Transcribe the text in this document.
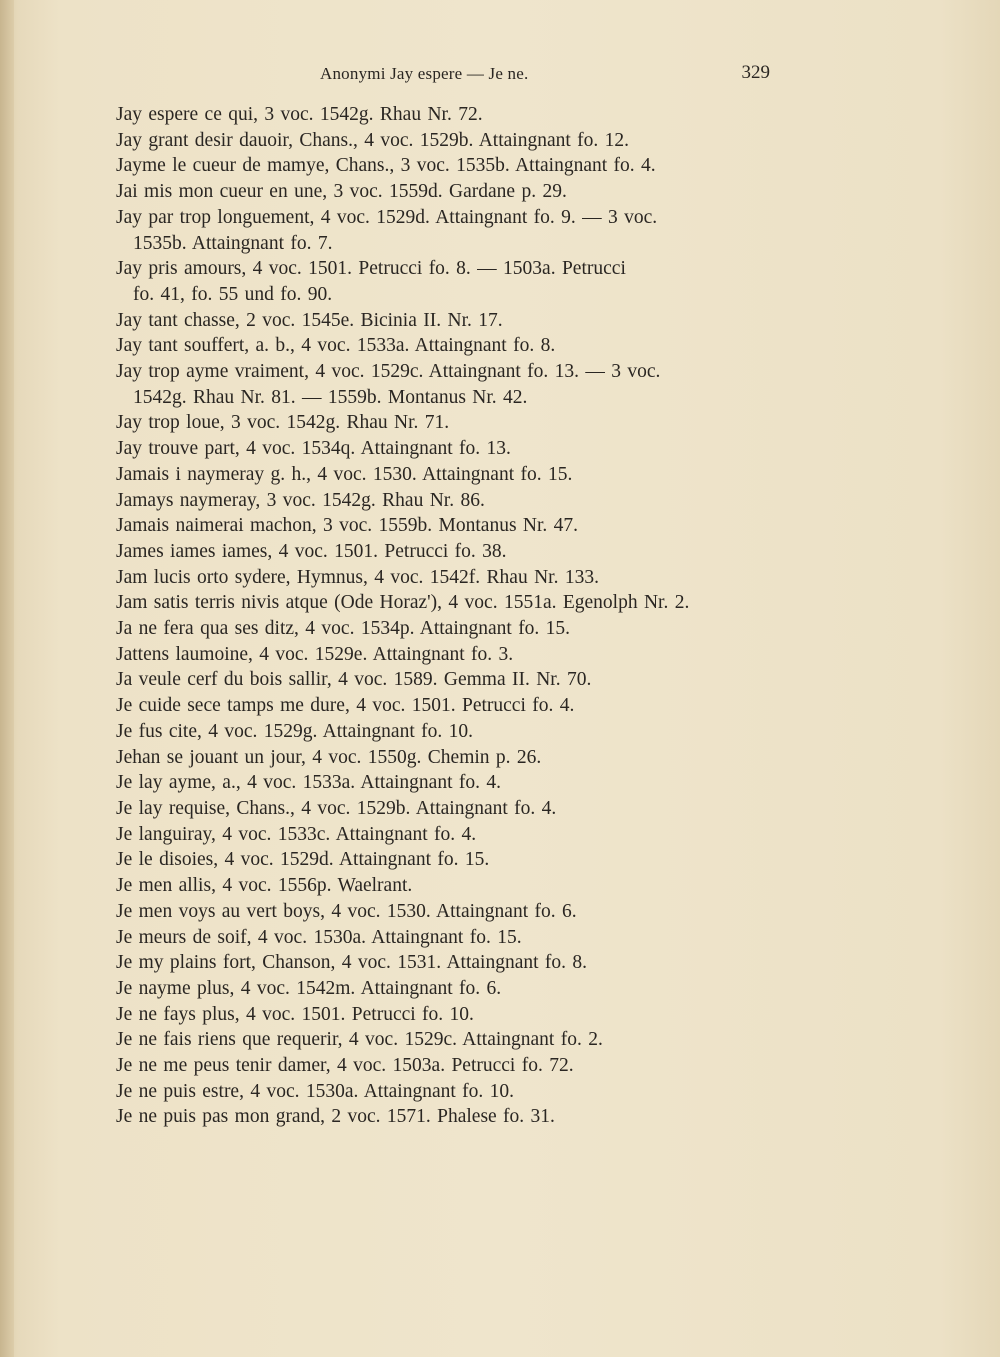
Anonymi Jay espere — Je ne.	329
Jay espere ce qui, 3 voc. 1542g. Rhau Nr. 72.
Jay grant desir dauoir, Chans., 4 voc. 1529b. Attaingnant fo. 12.
Jayme le cueur de mamye, Chans., 3 voc. 1535b. Attaingnant fo. 4.
Jai mis mon cueur en une, 3 voc. 1559d. Gardane p. 29.
Jay par trop longuement, 4 voc. 1529d. Attaingnant fo. 9. — 3 voc.
1535b. Attaingnant fo. 7.
Jay pris amours, 4 voc. 1501. Petrucci fo. 8. — 1503a. Petrucci
fo. 41, fo. 55 und fo. 90.
Jay tant chasse, 2 voc. 1545e. Bicinia II. Nr. 17.
Jay tant souffert, a. b., 4 voc. 1533a. Attaingnant fo. 8.
Jay trop ayme vraiment, 4 voc. 1529c. Attaingnant fo. 13. — 3 voc.
1542g. Rhau Nr. 81. — 1559b. Montanus Nr. 42.
Jay trop loue, 3 voc. 1542g. Rhau Nr. 71.
Jay trouve part, 4 voc. 1534q. Attaingnant fo. 13.
Jamais i naymeray g. h., 4 voc. 1530. Attaingnant fo. 15.
Jamays naymeray, 3 voc. 1542g. Rhau Nr. 86.
Jamais naimerai machon, 3 voc. 1559b. Montanus Nr. 47.
James iames iames, 4 voc. 1501. Petrucci fo. 38.
Jam lucis orto sydere, Hymnus, 4 voc. 1542f. Rhau Nr. 133.
Jam satis terris nivis atque (Ode Horaz'), 4 voc. 1551a. Egenolph Nr. 2.
Ja ne fera qua ses ditz, 4 voc. 1534p. Attaingnant fo. 15.
Jattens laumoine, 4 voc. 1529e. Attaingnant fo. 3.
Ja veule cerf du bois sallir, 4 voc. 1589. Gemma II. Nr. 70.
Je cuide sece tamps me dure, 4 voc. 1501. Petrucci fo. 4.
Je fus cite, 4 voc. 1529g. Attaingnant fo. 10.
Jehan se jouant un jour, 4 voc. 1550g. Chemin p. 26.
Je lay ayme, a., 4 voc. 1533a. Attaingnant fo. 4.
Je lay requise, Chans., 4 voc. 1529b. Attaingnant fo. 4.
Je languiray, 4 voc. 1533c. Attaingnant fo. 4.
Je le disoies, 4 voc. 1529d. Attaingnant fo. 15.
Je men allis, 4 voc. 1556p. Waelrant.
Je men voys au vert boys, 4 voc. 1530. Attaingnant fo. 6.
Je meurs de soif, 4 voc. 1530a. Attaingnant fo. 15.
Je my plains fort, Chanson, 4 voc. 1531. Attaingnant fo. 8.
Je nayme plus, 4 voc. 1542m. Attaingnant fo. 6.
Je ne fays plus, 4 voc. 1501. Petrucci fo. 10.
Je ne fais riens que requerir, 4 voc. 1529c. Attaingnant fo. 2.
Je ne me peus tenir damer, 4 voc. 1503a. Petrucci fo. 72.
Je ne puis estre, 4 voc. 1530a. Attaingnant fo. 10.
Je ne puis pas mon grand, 2 voc. 1571. Phalese fo. 31.
